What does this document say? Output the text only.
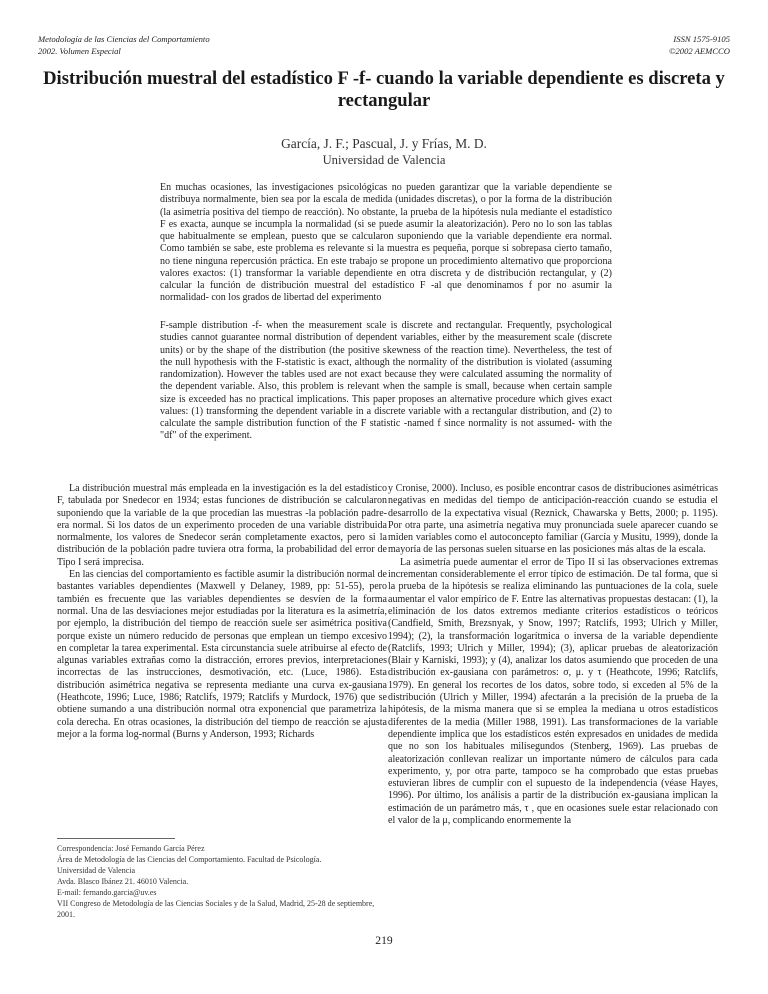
Metodología de las Ciencias del Comportamiento
2002. Volumen Especial
ISSN 1575-9105
©2002 AEMCCO
Distribución muestral del estadístico F -f- cuando la variable dependiente es discreta y rectangular
García, J. F.; Pascual, J. y Frías, M. D.
Universidad de Valencia
En muchas ocasiones, las investigaciones psicológicas no pueden garantizar que la variable dependiente se distribuya normalmente, bien sea por la escala de medida (unidades discretas), o por la forma de la distribución (la asimetría positiva del tiempo de reacción). No obstante, la prueba de la hipótesis nula mediante el estadístico F es exacta, aunque se incumpla la normalidad (si se puede asumir la aleatorización). Pero no lo son las tablas que habitualmente se emplean, puesto que se calcularon suponiendo que la variable dependiente era normal. Como también se sabe, este problema es relevante si la muestra es pequeña, porque si sobrepasa cierto tamaño, no tiene ninguna repercusión práctica. En este trabajo se propone un procedimiento alternativo que proporciona valores exactos: (1) transformar la variable dependiente en otra discreta y de distribución rectangular, y (2) calcular la función de distribución muestral del estadístico F -al que denominamos f por no asumir la normalidad- con los grados de libertad del experimento
F-sample distribution -f- when the measurement scale is discrete and rectangular. Frequently, psychological studies cannot guarantee normal distribution of dependent variables, either by the measurement scale (discrete units) or by the shape of the distribution (the positive skewness of the reaction time). Nevertheless, the test of the null hypothesis with the F-statistic is exact, although the normality of the distribution is violated (assuming randomization). However the tables used are not exact because they were calculated assuming the normality of the dependent variable. Also, this problem is relevant when the sample is small, because when certain sample size is exceeded has no practical implications. This paper proposes an alternative procedure which gives exact values: (1) transforming the dependent variable in a discrete variable with a rectangular distribution, and (2) to calculate the sample distribution function of the F statistic -named f since normality is not assumed- with the "df" of the experiment.

La distribución muestral más empleada en la investigación es la del estadístico F, tabulada por Snedecor en 1934; estas funciones de distribución se calcularon suponiendo que la variable de la que procedían las muestras -la población padre- era normal. Si los datos de un experimento proceden de una variable distribuida normalmente, los valores de Snedecor serán completamente exactos, pero si la distribución de la población padre tuviera otra forma, la probabilidad del error de Tipo I será imprecisa.

En las ciencias del comportamiento es factible asumir la distribución normal de bastantes variables dependientes (Maxwell y Delaney, 1989, pp: 51-55), pero también es frecuente que las variables dependientes se desvíen de la forma normal. Una de las desviaciones mejor estudiadas por la literatura es la asimetría, por ejemplo, la distribución del tiempo de reacción suele ser asimétrica positiva porque existe un número reducido de personas que emplean un tiempo excesivo en completar la tarea experimental. Esta circunstancia suele atribuirse al efecto de algunas variables extrañas como la distracción, errores previos, interpretaciones incorrectas de las instrucciones, desmotivación, etc. (Luce, 1986). Esta distribución asimétrica negativa se representa mediante una curva ex-gausiana (Heathcote, 1996; Luce, 1986; Ratclifs, 1979; Ratclifs y Murdock, 1976) que se obtiene sumando a una distribución normal otra exponencial que parametriza la cola derecha. En otras ocasiones, la distribución del tiempo de reacción se ajusta mejor a la forma log-normal (Burns y Anderson, 1993; Richards

y Cronise, 2000). Incluso, es posible encontrar casos de distribuciones asimétricas negativas en medidas del tiempo de anticipación-reacción cuando se estudia el desarrollo de la expectativa visual (Reznick, Chawarska y Betts, 2000; p. 1195). Por otra parte, una asimetría negativa muy pronunciada suele aparecer cuando se miden variables como el autoconcepto familiar (García y Musitu, 1999), donde la mayoría de las personas suelen situarse en las posiciones más altas de la escala.

La asimetría puede aumentar el error de Tipo II si las observaciones extremas incrementan considerablemente el error típico de estimación. De tal forma, que si la prueba de la hipótesis se realiza eliminando las puntuaciones de la cola, suele aumentar el valor empírico de F. Entre las alternativas propuestas destacan: (1), la eliminación de los datos extremos mediante criterios estadísticos o teóricos (Candfield, Smith, Brezsnyak, y Snow, 1997; Ratclifs, 1993; Ulrich y Miller, 1994); (2), la transformación logarítmica o inversa de la variable dependiente (Ratclifs, 1993; Ulrich y Miller, 1994); (3), aplicar pruebas de aleatorización (Blair y Karniski, 1993); y (4), analizar los datos asumiendo que proceden de una distribución ex-gausiana con parámetros: σ, μ. y τ (Heathcote, 1996; Ratclifs, 1979). En general los recortes de los datos, sobre todo, si exceden al 5% de la distribución (Ulrich y Miller, 1994) afectarán a la precisión de la prueba de la hipótesis, de la misma manera que si se emplea la mediana u otros estadísticos diferentes de la media (Miller 1988, 1991). Las transformaciones de la variable dependiente implica que los estadísticos estén expresados en unidades de medida que no son los habituales milisegundos (Stenberg, 1969). Las pruebas de aleatorización conllevan realizar un importante número de cálculos para cada experimento, y, por otra parte, tampoco se ha comprobado que estas pruebas estuvieran libres de cumplir con el supuesto de la independencia (véase Hayes, 1996). Por último, los análisis a partir de la distribución ex-gausiana implican la estimación de un parámetro más, τ , que en ocasiones suele estar relacionado con el valor de la μ, complicando enormemente la

Correspondencia: José Fernando García Pérez
Área de Metodología de las Ciencias del Comportamiento. Facultad de Psicología.
Universidad de Valencia
Avda. Blasco Ibánez 21. 46010 Valencia.
E-mail: fernando.garcia@uv.es
VII Congreso de Metodología de las Ciencias Sociales y de la Salud, Madrid, 25-28 de septiembre, 2001.
219
